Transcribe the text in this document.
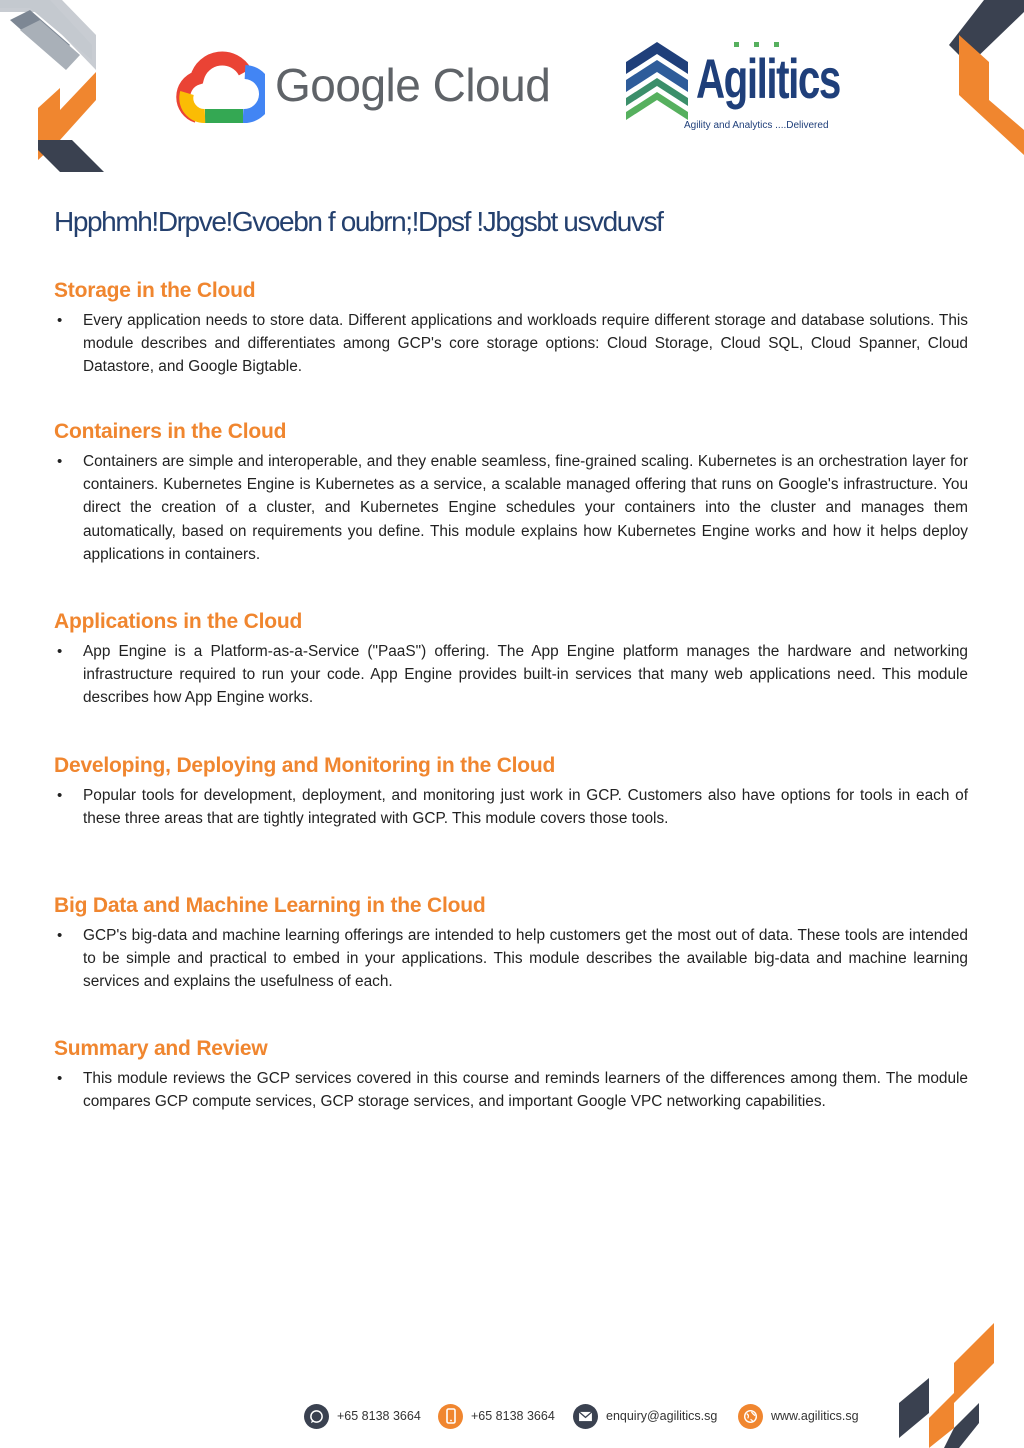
Google Cloud	Agilitics
Agility and Analytics ....Delivered
Hpphmh!Drpve!Gvoebn f oubrn;!Dpsf !Jbgsbt usvduvsf
Storage in the Cloud
• Every application needs to store data. Different applications and workloads require different storage and database solutions. This module describes and differentiates among GCP's core storage options: Cloud Storage, Cloud SQL, Cloud Spanner, Cloud Datastore, and Google Bigtable.
Containers in the Cloud
• Containers are simple and interoperable, and they enable seamless, fine-grained scaling. Kubernetes is an orchestration layer for containers. Kubernetes Engine is Kubernetes as a service, a scalable managed offering that runs on Google's infrastructure. You direct the creation of a cluster, and Kubernetes Engine schedules your containers into the cluster and manages them automatically, based on requirements you define. This module explains how Kubernetes Engine works and how it helps deploy applications in containers.
Applications in the Cloud
• App Engine is a Platform-as-a-Service ("PaaS") offering. The App Engine platform manages the hardware and networking infrastructure required to run your code. App Engine provides built-in services that many web applications need. This module describes how App Engine works.
Developing, Deploying and Monitoring in the Cloud
• Popular tools for development, deployment, and monitoring just work in GCP. Customers also have options for tools in each of these three areas that are tightly integrated with GCP. This module covers those tools.
Big Data and Machine Learning in the Cloud
• GCP's big-data and machine learning offerings are intended to help customers get the most out of data. These tools are intended to be simple and practical to embed in your applications. This module describes the available big-data and machine learning services and explains the usefulness of each.
Summary and Review
• This module reviews the GCP services covered in this course and reminds learners of the differences among them. The module compares GCP compute services, GCP storage services, and important Google VPC networking capabilities.
+65 8138 3664	+65 8138 3664	enquiry@agilitics.sg	www.agilitics.sg
